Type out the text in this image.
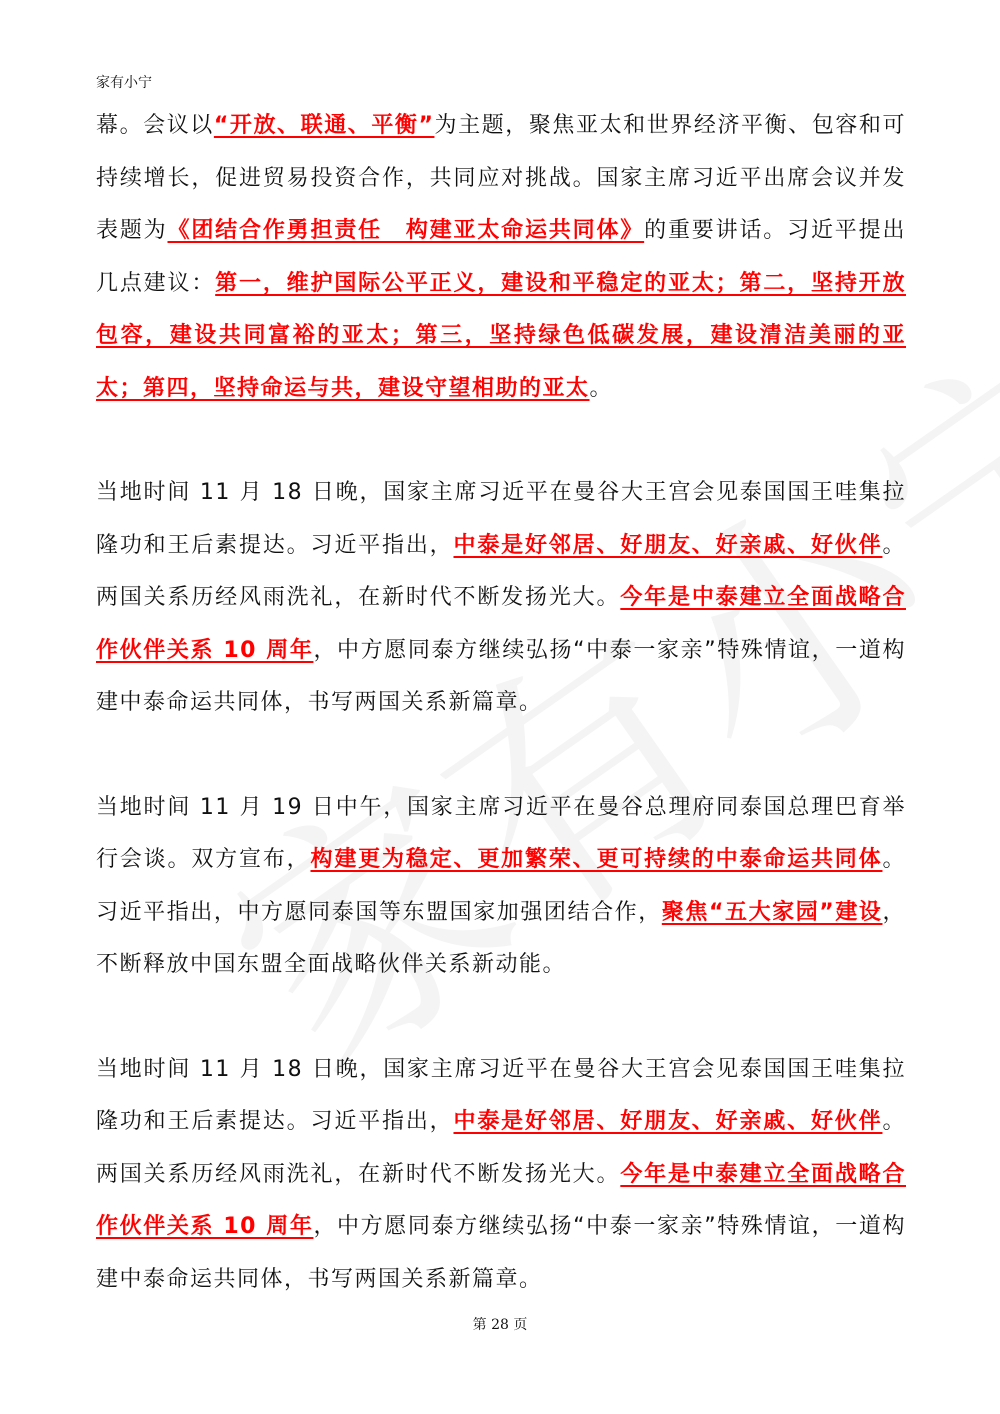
家有小宁

幕。会议以“开放、联通、平衡”为主题，聚焦亚太和世界经济平衡、包容和可持续增长，促进贸易投资合作，共同应对挑战。国家主席习近平出席会议并发表题为《团结合作勇担责任　构建亚太命运共同体》的重要讲话。习近平提出几点建议：第一，维护国际公平正义，建设和平稳定的亚太；第二，坚持开放包容，建设共同富裕的亚太；第三，坚持绿色低碳发展，建设清洁美丽的亚太；第四，坚持命运与共，建设守望相助的亚太。

当地时间 11 月 18 日晚，国家主席习近平在曼谷大王宫会见泰国国王哇集拉隆功和王后素提达。习近平指出，中泰是好邻居、好朋友、好亲戚、好伙伴。两国关系历经风雨洗礼，在新时代不断发扬光大。今年是中泰建立全面战略合作伙伴关系 10 周年，中方愿同泰方继续弘扬“中泰一家亲”特殊情谊，一道构建中泰命运共同体，书写两国关系新篇章。

当地时间 11 月 19 日中午，国家主席习近平在曼谷总理府同泰国总理巴育举行会谈。双方宣布，构建更为稳定、更加繁荣、更可持续的中泰命运共同体。习近平指出，中方愿同泰国等东盟国家加强团结合作，聚焦“五大家园”建设，不断释放中国东盟全面战略伙伴关系新动能。

当地时间 11 月 18 日晚，国家主席习近平在曼谷大王宫会见泰国国王哇集拉隆功和王后素提达。习近平指出，中泰是好邻居、好朋友、好亲戚、好伙伴。两国关系历经风雨洗礼，在新时代不断发扬光大。今年是中泰建立全面战略合作伙伴关系 10 周年，中方愿同泰方继续弘扬“中泰一家亲”特殊情谊，一道构建中泰命运共同体，书写两国关系新篇章。

第 28 页
